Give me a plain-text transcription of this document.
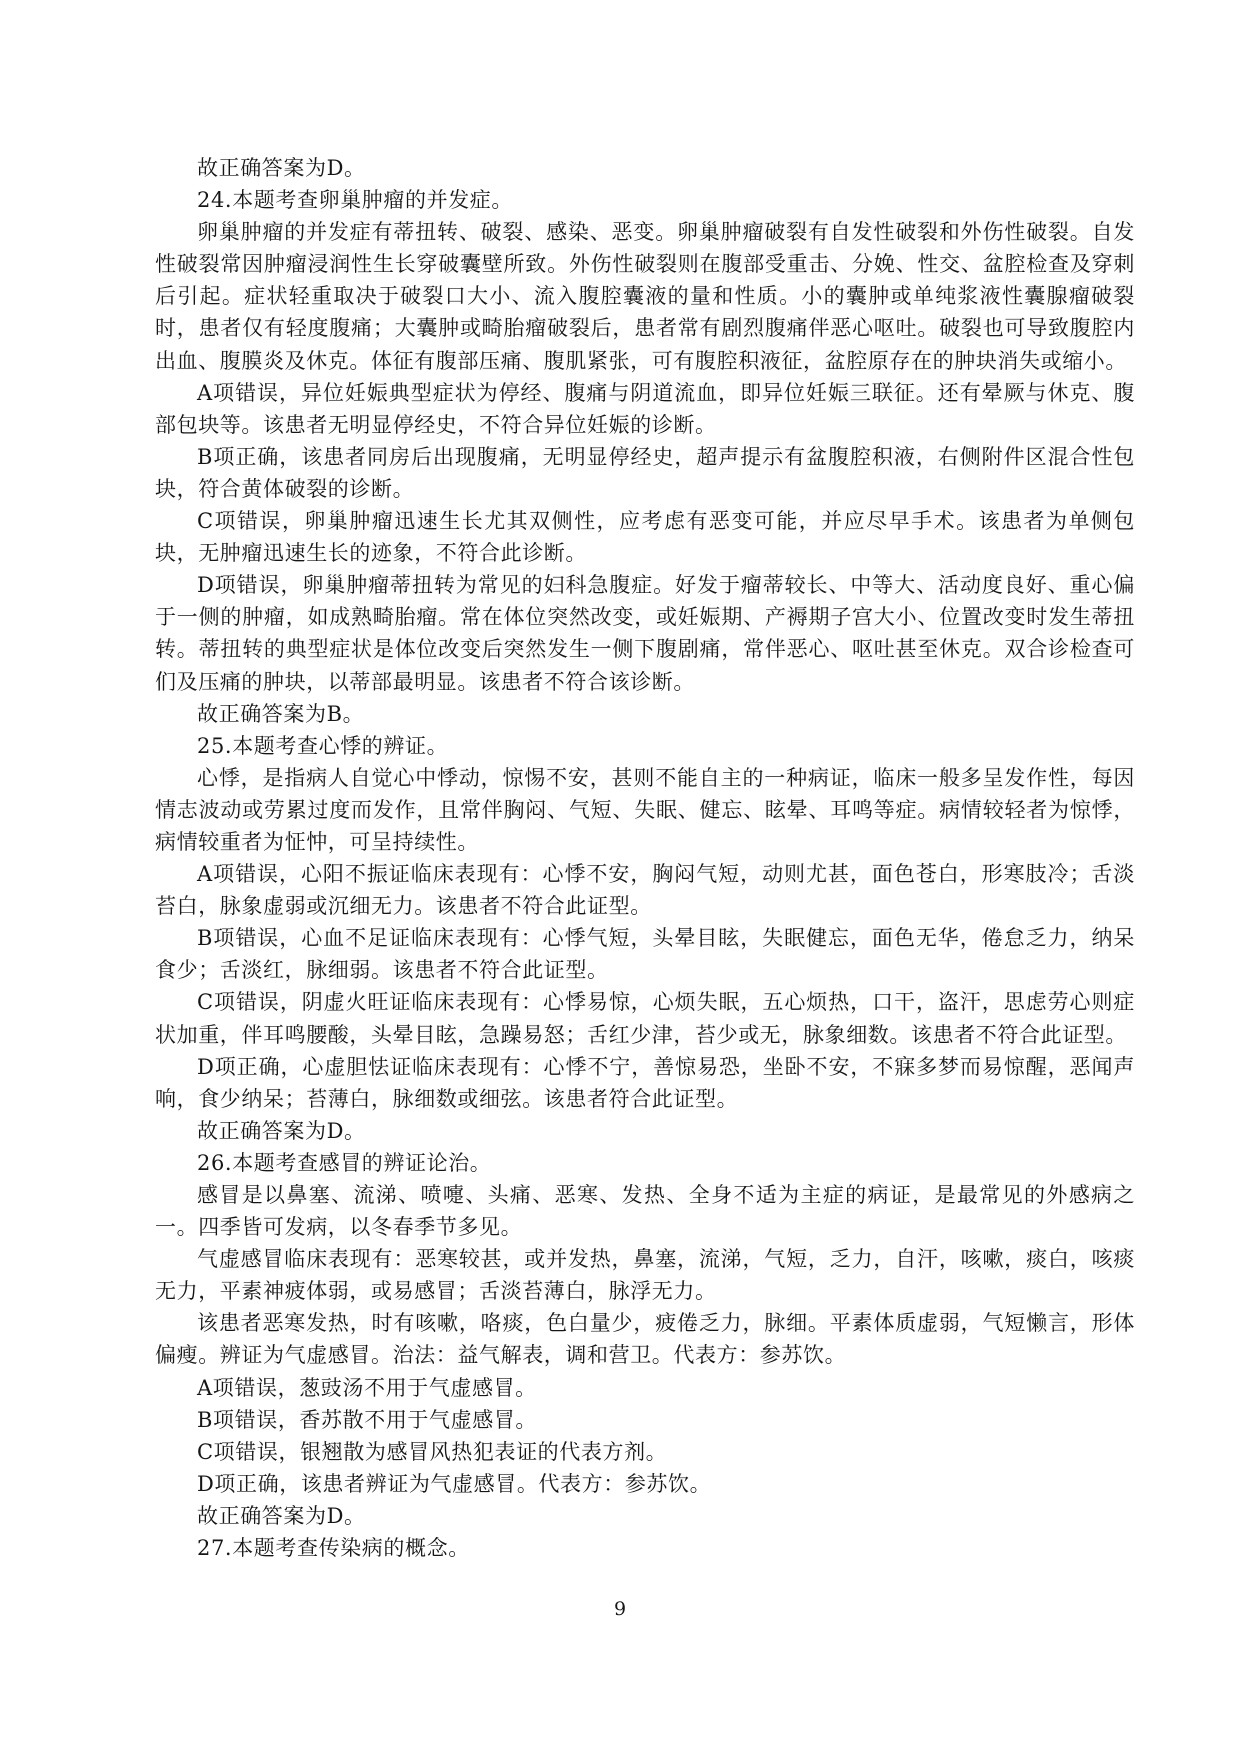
故正确答案为D。

24.本题考查卵巢肿瘤的并发症。

卵巢肿瘤的并发症有蒂扭转、破裂、感染、恶变。卵巢肿瘤破裂有自发性破裂和外伤性破裂。自发性破裂常因肿瘤浸润性生长穿破囊壁所致。外伤性破裂则在腹部受重击、分娩、性交、盆腔检查及穿刺后引起。症状轻重取决于破裂口大小、流入腹腔囊液的量和性质。小的囊肿或单纯浆液性囊腺瘤破裂时，患者仅有轻度腹痛；大囊肿或畸胎瘤破裂后，患者常有剧烈腹痛伴恶心呕吐。破裂也可导致腹腔内出血、腹膜炎及休克。体征有腹部压痛、腹肌紧张，可有腹腔积液征，盆腔原存在的肿块消失或缩小。

A项错误，异位妊娠典型症状为停经、腹痛与阴道流血，即异位妊娠三联征。还有晕厥与休克、腹部包块等。该患者无明显停经史，不符合异位妊娠的诊断。

B项正确，该患者同房后出现腹痛，无明显停经史，超声提示有盆腹腔积液，右侧附件区混合性包块，符合黄体破裂的诊断。

C项错误，卵巢肿瘤迅速生长尤其双侧性，应考虑有恶变可能，并应尽早手术。该患者为单侧包块，无肿瘤迅速生长的迹象，不符合此诊断。

D项错误，卵巢肿瘤蒂扭转为常见的妇科急腹症。好发于瘤蒂较长、中等大、活动度良好、重心偏于一侧的肿瘤，如成熟畸胎瘤。常在体位突然改变，或妊娠期、产褥期子宫大小、位置改变时发生蒂扭转。蒂扭转的典型症状是体位改变后突然发生一侧下腹剧痛，常伴恶心、呕吐甚至休克。双合诊检查可们及压痛的肿块，以蒂部最明显。该患者不符合该诊断。

故正确答案为B。

25.本题考查心悸的辨证。

心悸，是指病人自觉心中悸动，惊惕不安，甚则不能自主的一种病证，临床一般多呈发作性，每因情志波动或劳累过度而发作，且常伴胸闷、气短、失眠、健忘、眩晕、耳鸣等症。病情较轻者为惊悸，病情较重者为怔忡，可呈持续性。

A项错误，心阳不振证临床表现有：心悸不安，胸闷气短，动则尤甚，面色苍白，形寒肢冷；舌淡苔白，脉象虚弱或沉细无力。该患者不符合此证型。

B项错误，心血不足证临床表现有：心悸气短，头晕目眩，失眠健忘，面色无华，倦怠乏力，纳呆食少；舌淡红，脉细弱。该患者不符合此证型。

C项错误，阴虚火旺证临床表现有：心悸易惊，心烦失眠，五心烦热，口干，盗汗，思虑劳心则症状加重，伴耳鸣腰酸，头晕目眩，急躁易怒；舌红少津，苔少或无，脉象细数。该患者不符合此证型。

D项正确，心虚胆怯证临床表现有：心悸不宁，善惊易恐，坐卧不安，不寐多梦而易惊醒，恶闻声响，食少纳呆；苔薄白，脉细数或细弦。该患者符合此证型。

故正确答案为D。

26.本题考查感冒的辨证论治。

感冒是以鼻塞、流涕、喷嚏、头痛、恶寒、发热、全身不适为主症的病证，是最常见的外感病之一。四季皆可发病，以冬春季节多见。

气虚感冒临床表现有：恶寒较甚，或并发热，鼻塞，流涕，气短，乏力，自汗，咳嗽，痰白，咳痰无力，平素神疲体弱，或易感冒；舌淡苔薄白，脉浮无力。

该患者恶寒发热，时有咳嗽，咯痰，色白量少，疲倦乏力，脉细。平素体质虚弱，气短懒言，形体偏瘦。辨证为气虚感冒。治法：益气解表，调和营卫。代表方：参苏饮。

A项错误，葱豉汤不用于气虚感冒。

B项错误，香苏散不用于气虚感冒。

C项错误，银翘散为感冒风热犯表证的代表方剂。

D项正确，该患者辨证为气虚感冒。代表方：参苏饮。

故正确答案为D。

27.本题考查传染病的概念。

9
